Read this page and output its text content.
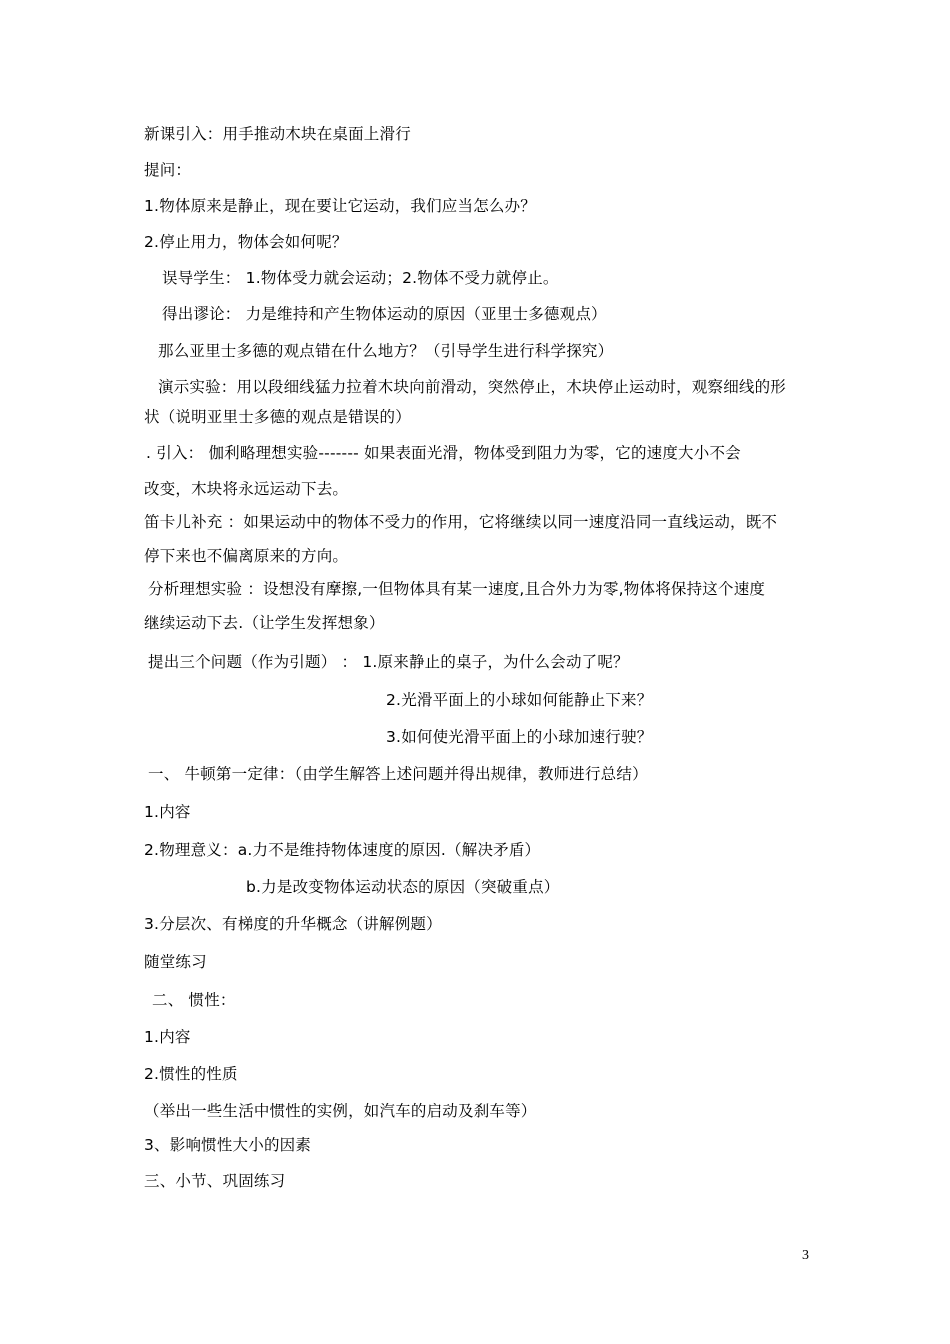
新课引入：用手推动木块在桌面上滑行
提问：
1.物体原来是静止，现在要让它运动，我们应当怎么办？
2.停止用力，物体会如何呢？
误导学生： 1.物体受力就会运动；2.物体不受力就停止。
得出谬论： 力是维持和产生物体运动的原因（亚里士多德观点）
那么亚里士多德的观点错在什么地方？（引导学生进行科学探究）
演示实验：用以段细线猛力拉着木块向前滑动，突然停止，木块停止运动时，观察细线的形
状（说明亚里士多德的观点是错误的）
. 引入： 伽利略理想实验------- 如果表面光滑，物体受到阻力为零，它的速度大小不会
改变，木块将永远运动下去。
笛卡儿补充 ：如果运动中的物体不受力的作用，它将继续以同一速度沿同一直线运动，既不
停下来也不偏离原来的方向。
分析理想实验 ：设想没有摩擦,一但物体具有某一速度,且合外力为零,物体将保持这个速度
继续运动下去.（让学生发挥想象）
提出三个问题（作为引题） ： 1.原来静止的桌子，为什么会动了呢？
2.光滑平面上的小球如何能静止下来？
3.如何使光滑平面上的小球加速行驶？
一、 牛顿第一定律：（由学生解答上述问题并得出规律，教师进行总结）
1.内容
2.物理意义：a.力不是维持物体速度的原因.（解决矛盾）
b.力是改变物体运动状态的原因（突破重点）
3.分层次、有梯度的升华概念（讲解例题）
随堂练习
二、 惯性：
1.内容
2.惯性的性质
（举出一些生活中惯性的实例，如汽车的启动及刹车等）
3、影响惯性大小的因素
三、小节、巩固练习
3
